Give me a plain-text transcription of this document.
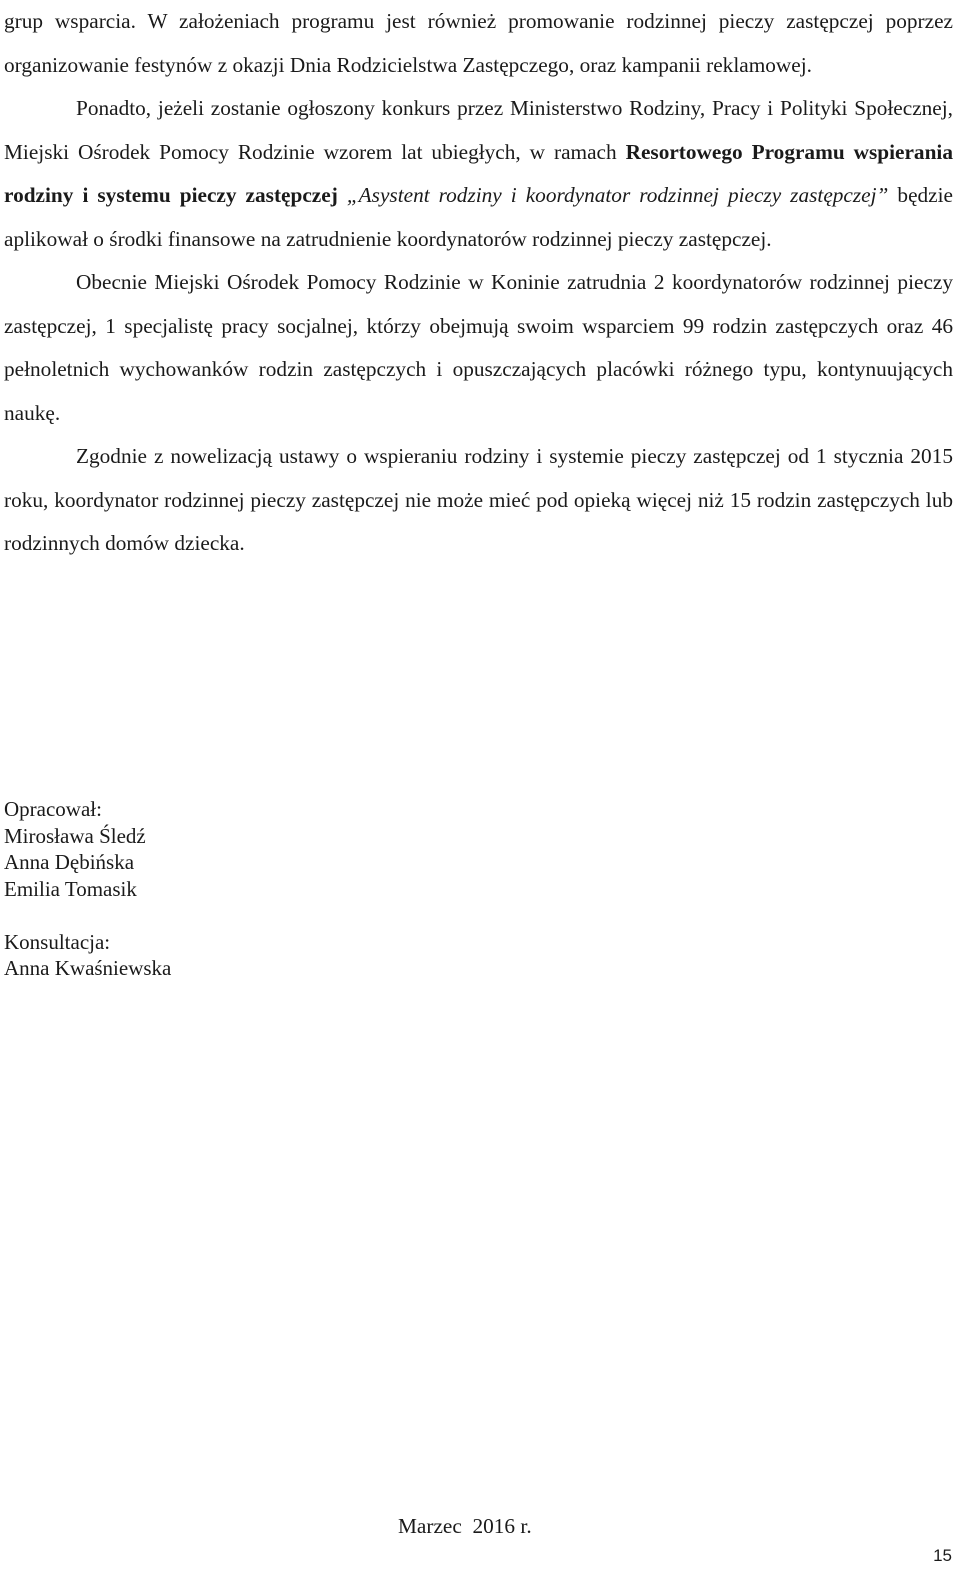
grup wsparcia. W założeniach programu jest również promowanie rodzinnej pieczy zastępczej poprzez organizowanie festynów z okazji Dnia Rodzicielstwa Zastępczego, oraz kampanii reklamowej.

Ponadto, jeżeli zostanie ogłoszony konkurs przez Ministerstwo Rodziny, Pracy i Polityki Społecznej, Miejski Ośrodek Pomocy Rodzinie wzorem lat ubiegłych, w ramach Resortowego Programu wspierania rodziny i systemu pieczy zastępczej „Asystent rodziny i koordynator rodzinnej pieczy zastępczej” będzie aplikował o środki finansowe na zatrudnienie koordynatorów rodzinnej pieczy zastępczej.

Obecnie Miejski Ośrodek Pomocy Rodzinie w Koninie zatrudnia 2 koordynatorów rodzinnej pieczy zastępczej, 1 specjalistę pracy socjalnej, którzy obejmują swoim wsparciem 99 rodzin zastępczych oraz 46 pełnoletnich wychowanków rodzin zastępczych i opuszczających placówki różnego typu, kontynuujących naukę.

Zgodnie z nowelizacją ustawy o wspieraniu rodziny i systemie pieczy zastępczej od 1 stycznia 2015 roku, koordynator rodzinnej pieczy zastępczej nie może mieć pod opieką więcej niż 15 rodzin zastępczych lub rodzinnych domów dziecka.

Opracował:
Mirosława Śledź
Anna Dębińska
Emilia Tomasik
Konsultacja:
Anna Kwaśniewska
Marzec  2016 r.
15
